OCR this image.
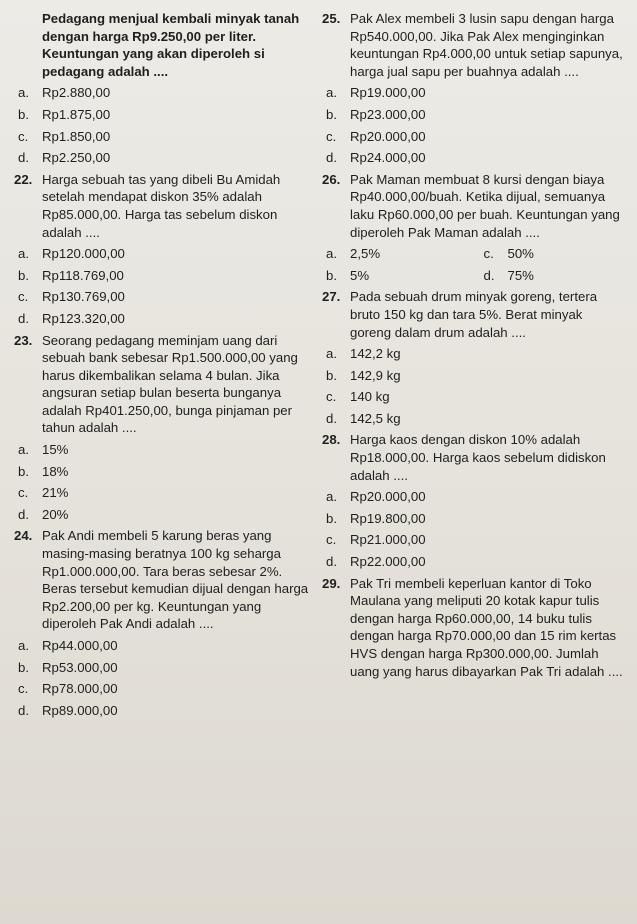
Pedagang menjual kembali minyak tanah dengan harga Rp9.250,00 per liter. Keuntungan yang akan diperoleh si pedagang adalah ....
a. Rp2.880,00
b. Rp1.875,00
c. Rp1.850,00
d. Rp2.250,00
22. Harga sebuah tas yang dibeli Bu Amidah setelah mendapat diskon 35% adalah Rp85.000,00. Harga tas sebelum diskon adalah ....
a. Rp120.000,00
b. Rp118.769,00
c. Rp130.769,00
d. Rp123.320,00
23. Seorang pedagang meminjam uang dari sebuah bank sebesar Rp1.500.000,00 yang harus dikembalikan selama 4 bulan. Jika angsuran setiap bulan beserta bunganya adalah Rp401.250,00, bunga pinjaman per tahun adalah ....
a. 15%
b. 18%
c. 21%
d. 20%
24. Pak Andi membeli 5 karung beras yang masing-masing beratnya 100 kg seharga Rp1.000.000,00. Tara beras sebesar 2%. Beras tersebut kemudian dijual dengan harga Rp2.200,00 per kg. Keuntungan yang diperoleh Pak Andi adalah ....
a. Rp44.000,00
b. Rp53.000,00
c. Rp78.000,00
d. Rp89.000,00
25. Pak Alex membeli 3 lusin sapu dengan harga Rp540.000,00. Jika Pak Alex menginginkan keuntungan Rp4.000,00 untuk setiap sapunya, harga jual sapu per buahnya adalah ....
a. Rp19.000,00
b. Rp23.000,00
c. Rp20.000,00
d. Rp24.000,00
26. Pak Maman membuat 8 kursi dengan biaya Rp40.000,00/buah. Ketika dijual, semuanya laku Rp60.000,00 per buah. Keuntungan yang diperoleh Pak Maman adalah ....
a. 2,5%	c. 50%
b. 5%	d. 75%
27. Pada sebuah drum minyak goreng, tertera bruto 150 kg dan tara 5%. Berat minyak goreng dalam drum adalah ....
a. 142,2 kg
b. 142,9 kg
c. 140 kg
d. 142,5 kg
28. Harga kaos dengan diskon 10% adalah Rp18.000,00. Harga kaos sebelum didiskon adalah ....
a. Rp20.000,00
b. Rp19.800,00
c. Rp21.000,00
d. Rp22.000,00
29. Pak Tri membeli keperluan kantor di Toko Maulana yang meliputi 20 kotak kapur tulis dengan harga Rp60.000,00, 14 buku tulis dengan harga Rp70.000,00 dan 15 rim kertas HVS dengan harga Rp300.000,00. Jumlah uang yang harus dibayarkan Pak Tri adalah ....
